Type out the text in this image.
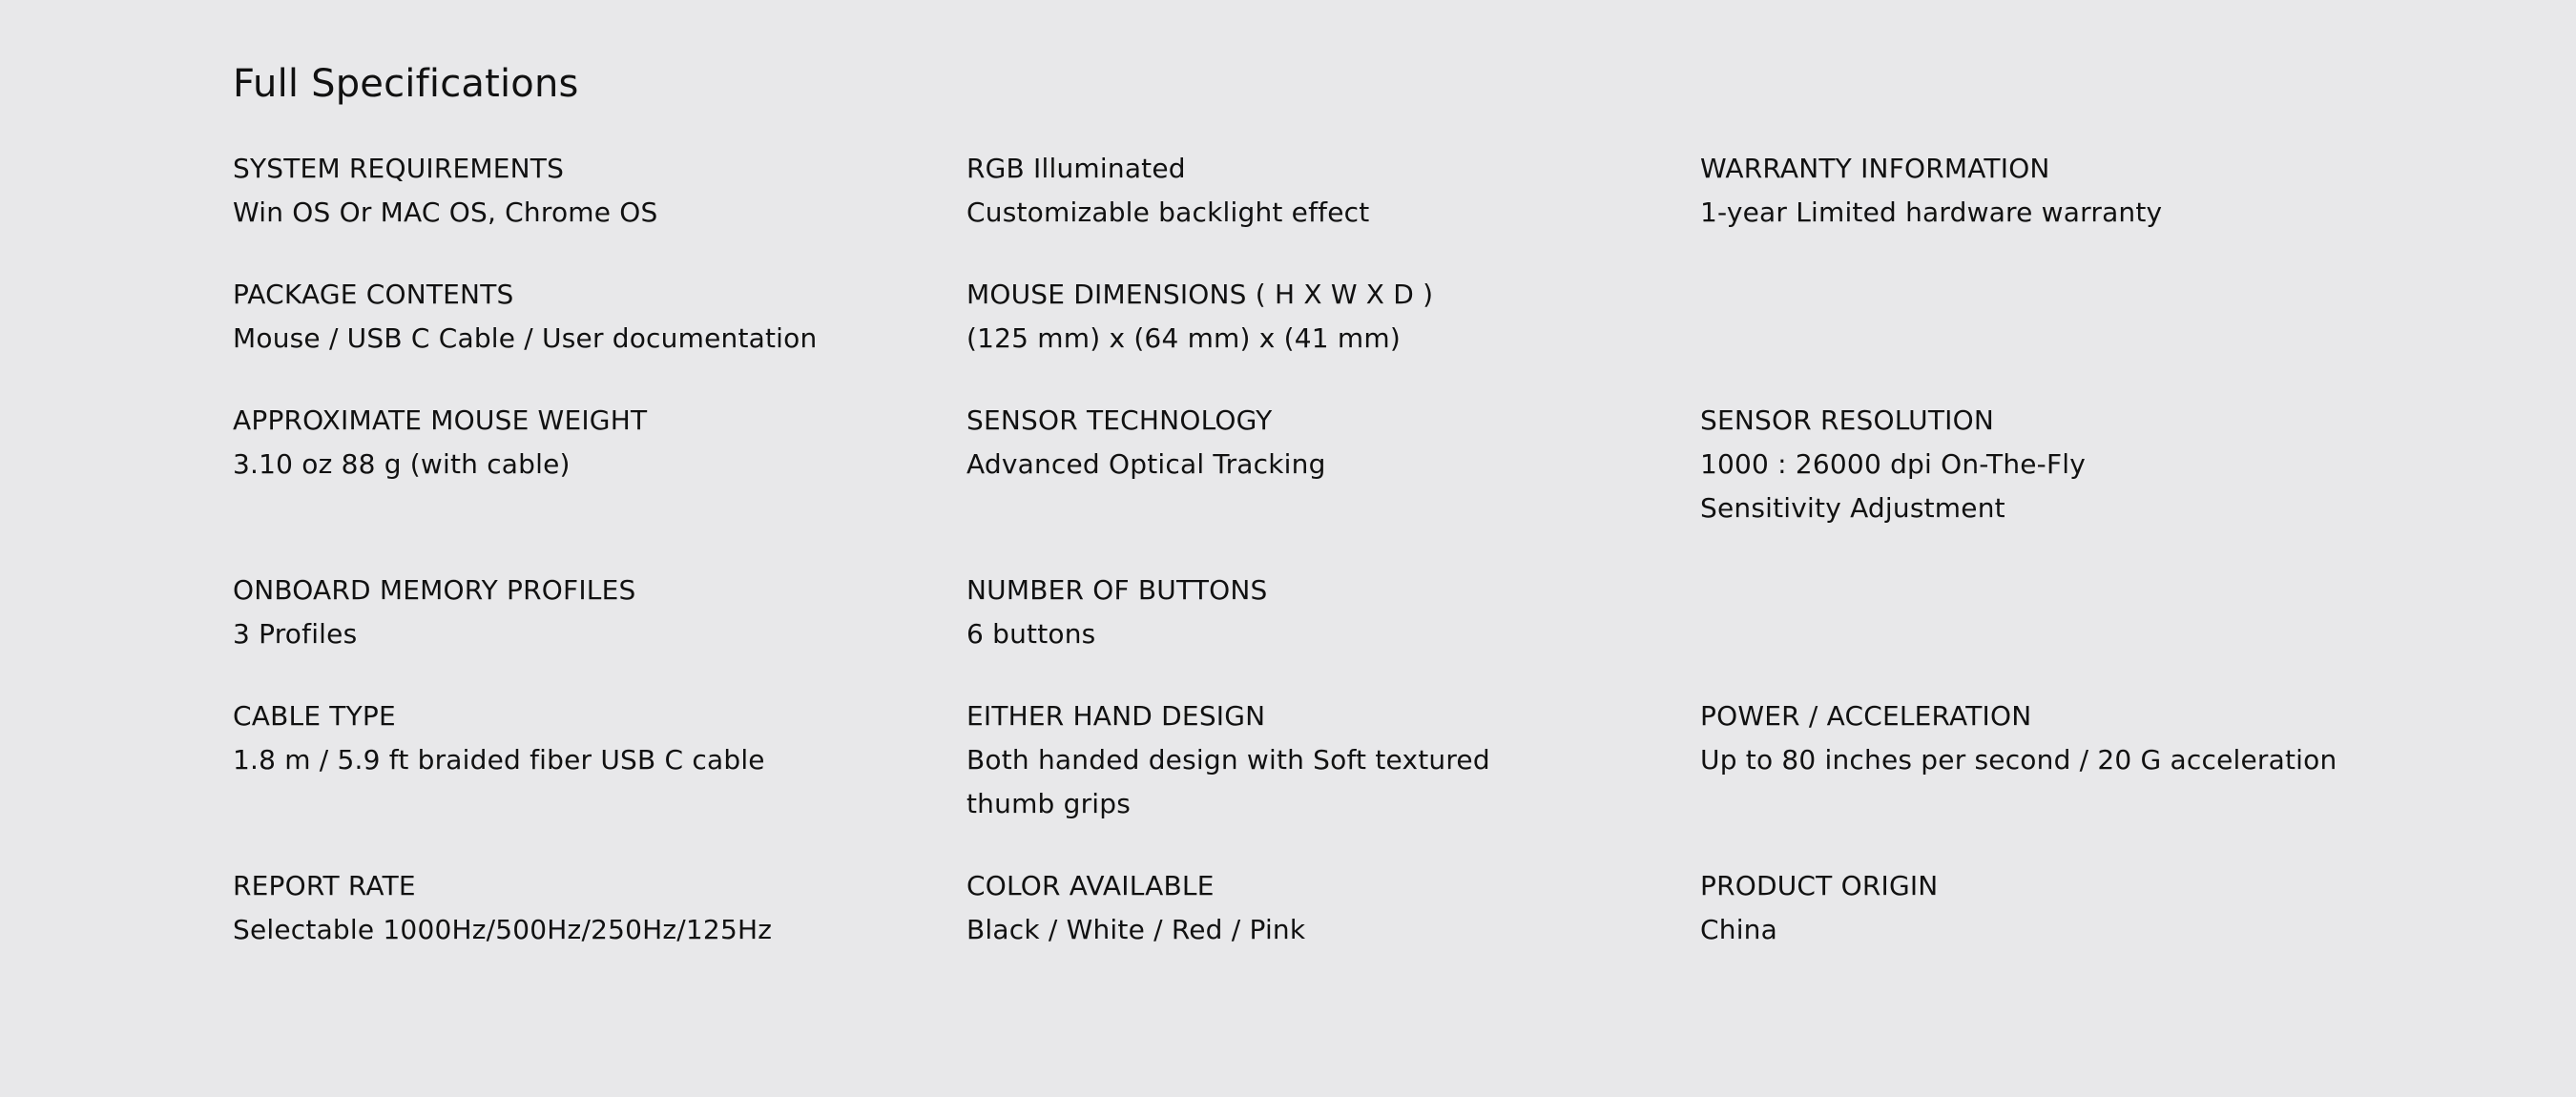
Full Specifications
SYSTEM REQUIREMENTS
Win OS Or MAC OS, Chrome OS
RGB Illuminated
Customizable backlight effect
WARRANTY INFORMATION
1-year Limited hardware warranty
PACKAGE CONTENTS
Mouse / USB C Cable / User documentation
MOUSE DIMENSIONS ( H X W X D )
(125 mm) x (64 mm) x (41 mm)
APPROXIMATE MOUSE WEIGHT
3.10 oz 88 g (with cable)
SENSOR TECHNOLOGY
Advanced Optical Tracking
SENSOR RESOLUTION
1000 : 26000 dpi On-The-Fly Sensitivity Adjustment
ONBOARD MEMORY PROFILES
3 Profiles
NUMBER OF BUTTONS
6 buttons
CABLE TYPE
1.8 m / 5.9 ft braided fiber USB C cable
EITHER HAND DESIGN
Both handed design with Soft textured thumb grips
POWER / ACCELERATION
Up to 80 inches per second / 20 G acceleration
REPORT RATE
Selectable 1000Hz/500Hz/250Hz/125Hz
COLOR AVAILABLE
Black / White / Red / Pink
PRODUCT ORIGIN
China
